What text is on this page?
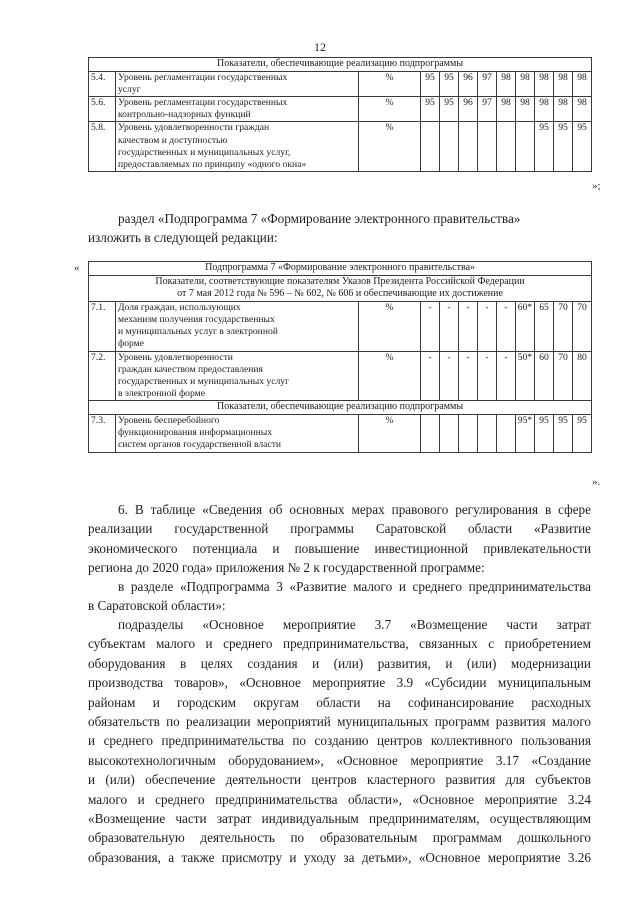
12
Показатели, обеспечивающие реализацию подпрограммы											
5.4.	Уровень регламентации государственных
услуг	%	95	95	96	97	98	98	98	98	98
5.6.	Уровень регламентации государственных
контрольно-надзорных функций	%	95	95	96	97	98	98	98	98	98
5.8.	Уровень удовлетворенности граждан
качеством и доступностью
государственных и муниципальных услуг,
предоставляемых по принципу «одного окна»	%							95	95	95
»;
раздел «Подпрограмма 7 «Формирование электронного правительства»
изложить в следующей редакции:
«	Подпрограмма 7 «Формирование электронного правительства»											

Показатели, соответствующие показателям Указов Президента Российской Федерации
от 7 мая 2012 года № 596 – № 602, № 606 и обеспечивающие их достижение											

7.1.	Доля граждан, использующих
механизм получения государственных
и муниципальных услуг в электронной
форме	%	-	-	-	-	-	60*	65	70	70
7.2.	Уровень удовлетворенности
граждан качеством предоставления
государственных и муниципальных услуг
в электронной форме	%	-	-	-	-	-	50*	60	70	80
Показатели, обеспечивающие реализацию подпрограммы											
7.3.	Уровень бесперебойного
функционирования информационных
систем органов государственной власти	%						95*	95	95	95
».
6. В таблице «Сведения об основных мерах правового регулирования в сфере
реализации государственной программы Саратовской области «Развитие
экономического потенциала и повышение инвестиционной привлекательности
региона до 2020 года» приложения № 2 к государственной программе:
в разделе «Подпрограмма 3 «Развитие малого и среднего предпринимательства
в Саратовской области»:
подразделы «Основное мероприятие 3.7 «Возмещение части затрат
субъектам малого и среднего предпринимательства, связанных с приобретением
оборудования в целях создания и (или) развития, и (или) модернизации
производства товаров», «Основное мероприятие 3.9 «Субсидии муниципальным
районам и городским округам области на софинансирование расходных
обязательств по реализации мероприятий муниципальных программ развития малого
и среднего предпринимательства по созданию центров коллективного пользования
высокотехнологичным оборудованием», «Основное мероприятие 3.17 «Создание
и (или) обеспечение деятельности центров кластерного развития для субъектов
малого и среднего предпринимательства области», «Основное мероприятие 3.24
«Возмещение части затрат индивидуальным предпринимателям, осуществляющим
образовательную деятельность по образовательным программам дошкольного
образования, а также присмотру и уходу за детьми», «Основное мероприятие 3.26
